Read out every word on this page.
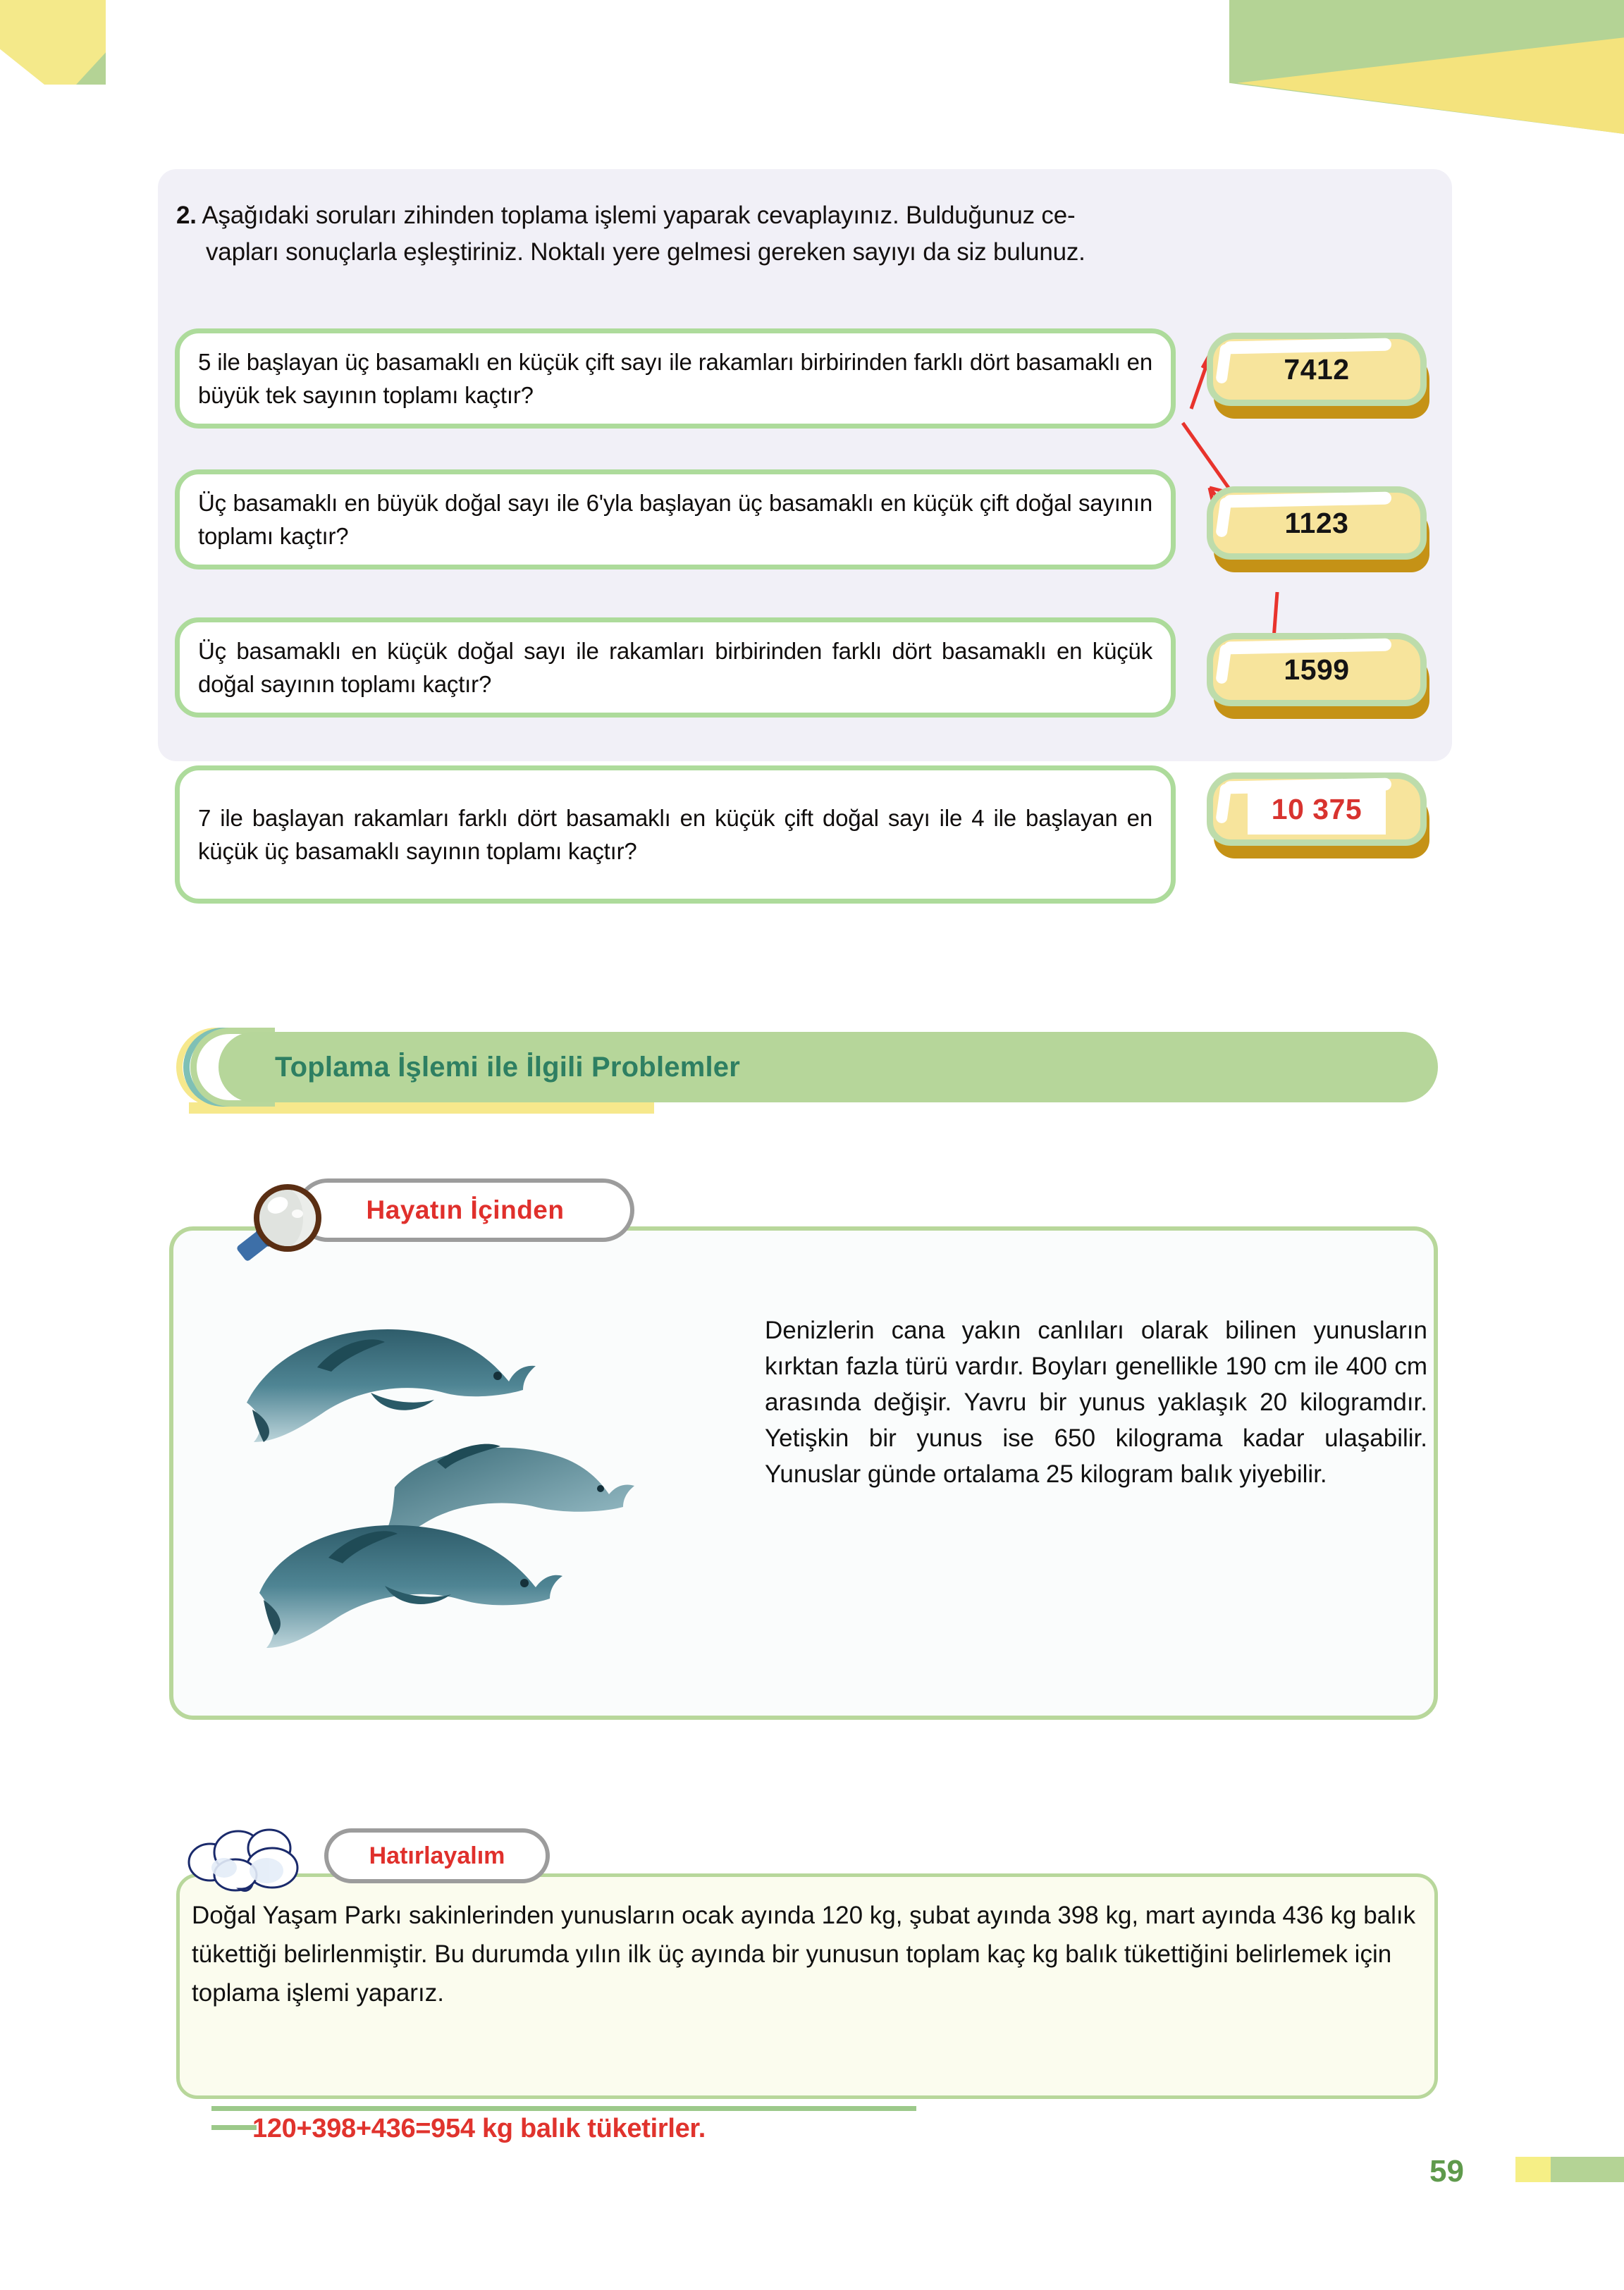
2. Aşağıdaki soruları zihinden toplama işlemi yaparak cevaplayınız. Bulduğunuz ce-
vapları sonuçlarla eşleştiriniz. Noktalı yere gelmesi gereken sayıyı da siz bulunuz.
5 ile başlayan üç basamaklı en küçük çift sayı ile rakamları birbirinden farklı dört basamaklı en büyük tek sayının toplamı kaçtır?
Üç basamaklı en büyük doğal sayı ile 6'yla başlayan üç basamaklı en küçük çift doğal sayının toplamı kaçtır?
Üç basamaklı en küçük doğal sayı ile rakamları birbirinden farklı dört basamaklı en küçük doğal sayının toplamı kaçtır?
7 ile başlayan rakamları farklı dört basamaklı en küçük çift doğal sayı ile 4 ile başlayan en küçük üç basamaklı sayının toplamı kaçtır?
7412
1123
1599
10 375
Toplama İşlemi ile İlgili Problemler
Denizlerin cana yakın canlıları olarak bilinen yunusların kırktan fazla türü vardır. Boyları genellikle 190 cm ile 400 cm arasında değişir. Yavru bir yunus yaklaşık 20 kilogramdır. Yetişkin bir yunus ise 650 kilograma kadar ulaşabilir. Yunuslar günde ortalama 25 kilogram balık yiyebilir.
Hayatın İçinden
Doğal Yaşam Parkı sakinlerinden yunusların ocak ayında 120 kg, şubat ayında 398 kg, mart ayında 436 kg balık tükettiği belirlenmiştir. Bu durumda yılın ilk üç ayında bir yunusun toplam kaç kg balık tükettiğini belirlemek için toplama işlemi yaparız.
Hatırlayalım
120+398+436=954 kg balık tüketirler.
59
